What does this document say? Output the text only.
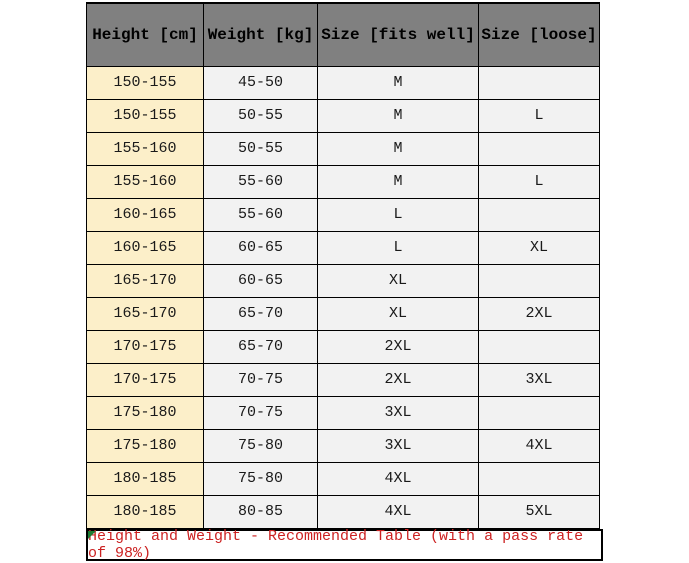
Height [cm]	Weight [kg]	Size [fits well]	Size [loose]
150-155	45-50	M	
150-155	50-55	M	L
155-160	50-55	M	
155-160	55-60	M	L
160-165	55-60	L	
160-165	60-65	L	XL
165-170	60-65	XL	
165-170	65-70	XL	2XL
170-175	65-70	2XL	
170-175	70-75	2XL	3XL
175-180	70-75	3XL	
175-180	75-80	3XL	4XL
180-185	75-80	4XL	
180-185	80-85	4XL	5XL
Height and Weight - Recommended Table (with a pass rate of 98%)
